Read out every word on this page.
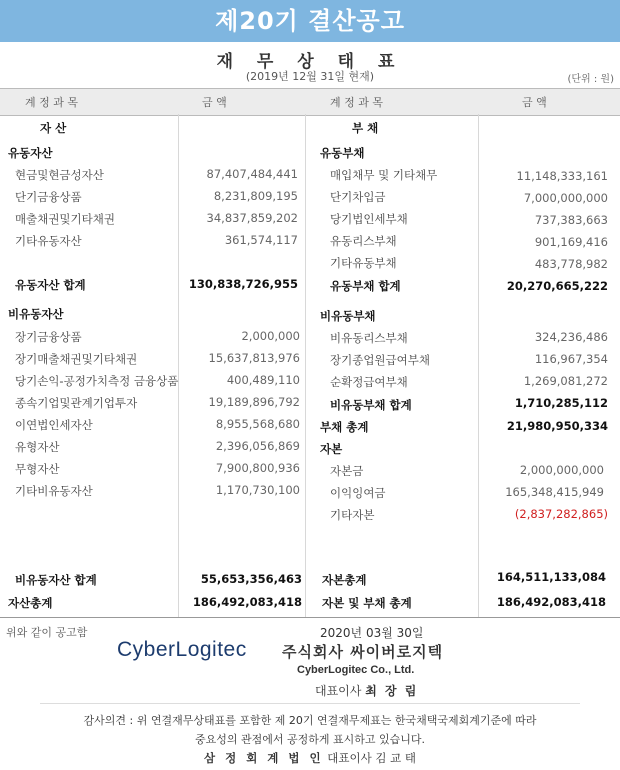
제20기 결산공고
재 무 상 태 표
(2019년 12월 31일 현재)	(단위 : 원)
계 정 과 목	금 액	계 정 과 목	금 액
자 산
유동자산
현금및현금성자산	87,407,484,441
단기금융상품	8,231,809,195
매출채권및기타채권	34,837,859,202
기타유동자산	361,574,117
유동자산 합계	130,838,726,955
비유동자산
장기금융상품	2,000,000
장기매출채권및기타채권	15,637,813,976
당기손익-공정가치측정 금융상품	400,489,110
종속기업및관계기업투자	19,189,896,792
이연법인세자산	8,955,568,680
유형자산	2,396,056,869
무형자산	7,900,800,936
기타비유동자산	1,170,730,100
비유동자산 합계	55,653,356,463
자산총계	186,492,083,418
부 채
유동부채
매입채무 및 기타채무	11,148,333,161
단기차입금	7,000,000,000
당기법인세부채	737,383,663
유동리스부채	901,169,416
기타유동부채	483,778,982
유동부채 합계	20,270,665,222
비유동부채
비유동리스부채	324,236,486
장기종업원급여부채	116,967,354
순확정급여부채	1,269,081,272
비유동부채 합계	1,710,285,112
부채 총계	21,980,950,334
자본
자본금	2,000,000,000
이익잉여금	165,348,415,949
기타자본	(2,837,282,865)
자본총계	164,511,133,084
자본 및 부채 총계	186,492,083,418
위와 같이 공고함	2020년 03월 30일
CyberLogitec 주식회사 싸이버로지텍
CyberLogitec Co., Ltd.
대표이사 최 장 림
감사의견 : 위 연결재무상태표를 포함한 제 20기 연결재무제표는 한국채택국제회계기준에 따라
중요성의 관점에서 공정하게 표시하고 있습니다.
삼 정 회 계 법 인 대표이사 김 교 태
